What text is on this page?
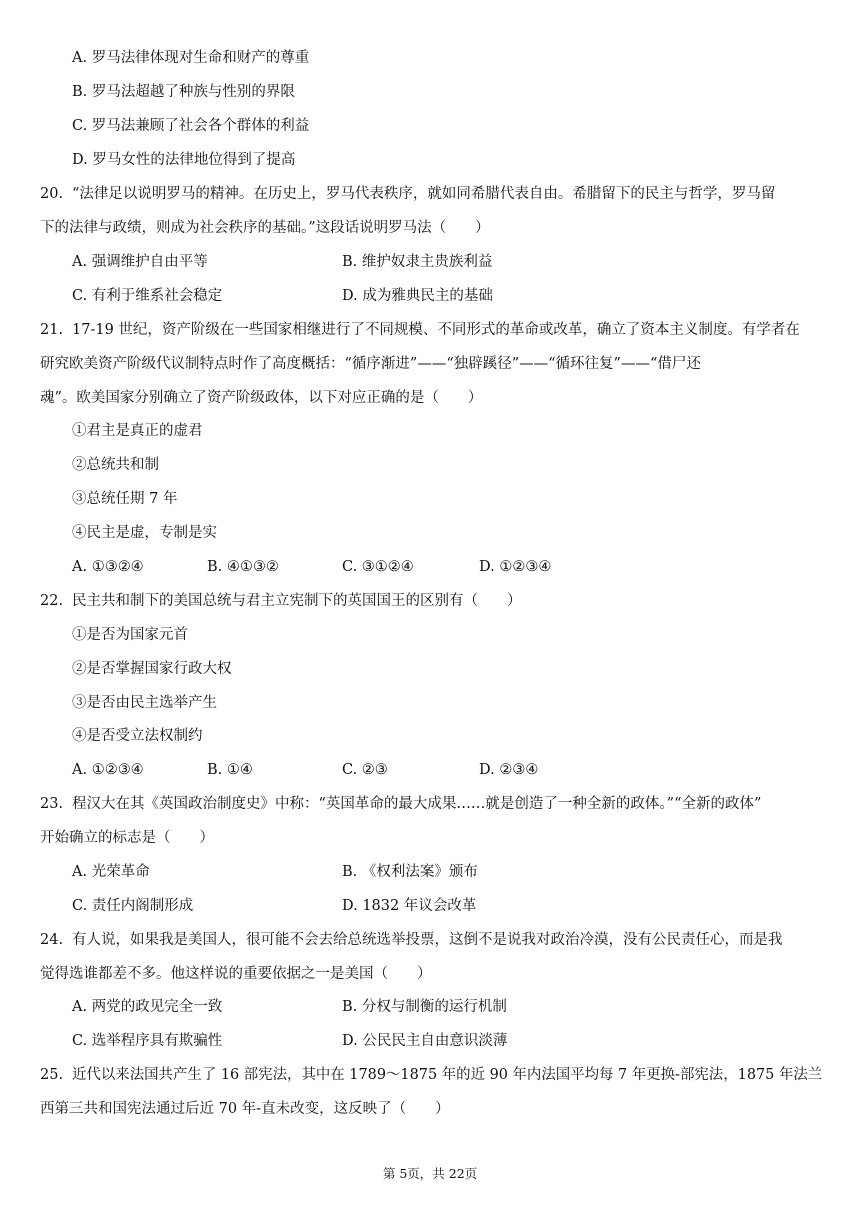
A. 罗马法律体现对生命和财产的尊重
B. 罗马法超越了种族与性别的界限
C. 罗马法兼顾了社会各个群体的利益
D. 罗马女性的法律地位得到了提高
20. “法律足以说明罗马的精神。在历史上，罗马代表秩序，就如同希腊代表自由。希腊留下的民主与哲学，罗马留
下的法律与政绩，则成为社会秩序的基础。”这段话说明罗马法（　　）
A. 强调维护自由平等	B. 维护奴隶主贵族利益
C. 有利于维系社会稳定	D. 成为雅典民主的基础
21. 17-19 世纪，资产阶级在一些国家相继进行了不同规模、不同形式的革命或改革，确立了资本主义制度。有学者在
研究欧美资产阶级代议制特点时作了高度概括：“循序渐进”——“独辟蹊径”——“循环往复”——“借尸还
魂”。欧美国家分别确立了资产阶级政体，以下对应正确的是（　　）
①君主是真正的虚君
②总统共和制
③总统任期 7 年
④民主是虚，专制是实
A. ①③②④	B. ④①③②	C. ③①②④	D. ①②③④
22. 民主共和制下的美国总统与君主立宪制下的英国国王的区别有（　　）
①是否为国家元首
②是否掌握国家行政大权
③是否由民主选举产生
④是否受立法权制约
A. ①②③④	B. ①④	C. ②③	D. ②③④
23. 程汉大在其《英国政治制度史》中称：“英国革命的最大成果……就是创造了一种全新的政体。”“全新的政体”
开始确立的标志是（　　）
A. 光荣革命	B. 《权利法案》颁布
C. 责任内阁制形成	D. 1832 年议会改革
24. 有人说，如果我是美国人，很可能不会去给总统选举投票，这倒不是说我对政治冷漠，没有公民责任心，而是我
觉得选谁都差不多。他这样说的重要依据之一是美国（　　）
A. 两党的政见完全一致	B. 分权与制衡的运行机制
C. 选举程序具有欺骗性	D. 公民民主自由意识淡薄
25. 近代以来法国共产生了 16 部宪法，其中在 1789～1875 年的近 90 年内法国平均每 7 年更换-部宪法，1875 年法兰
西第三共和国宪法通过后近 70 年-直未改变，这反映了（　　）
第 5页，共 22页
